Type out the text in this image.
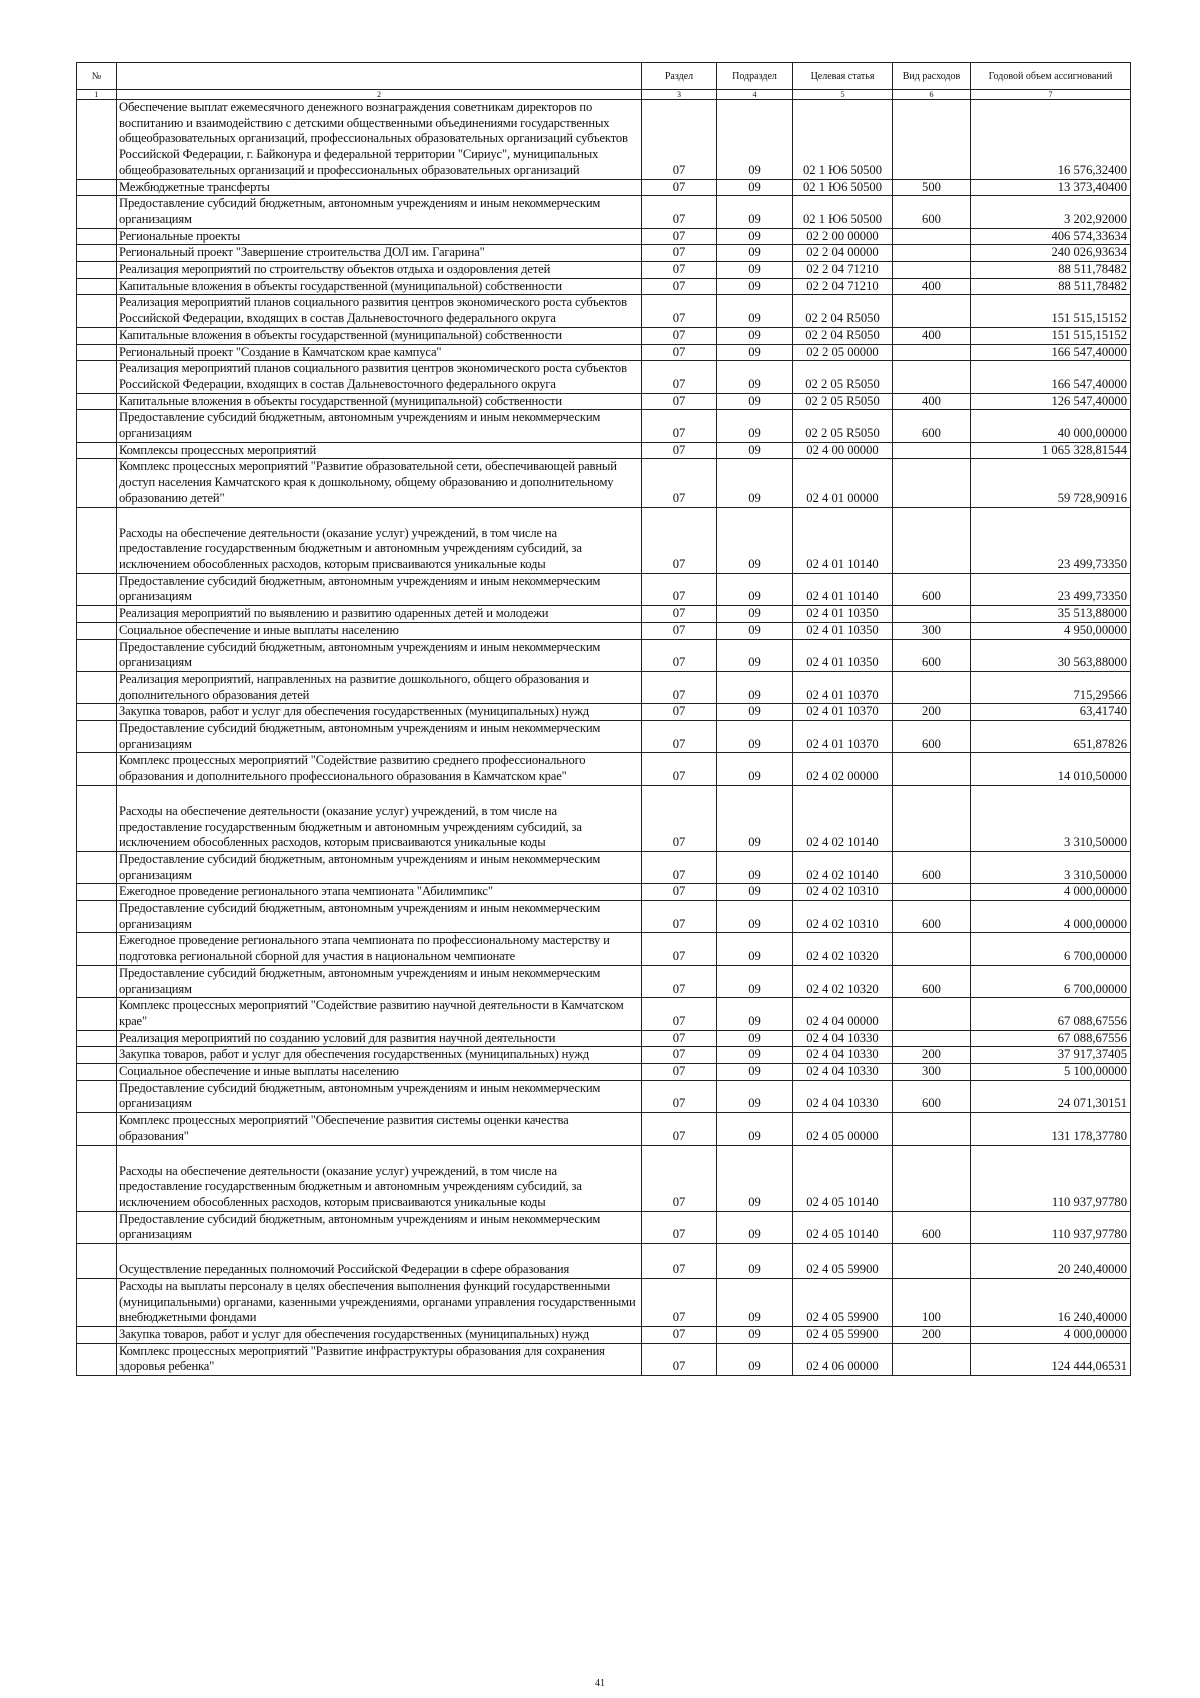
№		Раздел	Подраздел	Целевая статья	Вид расходов	Годовой объем ассигнований
1	2	3	4	5	6	7
	Обеспечение выплат ежемесячного денежного вознаграждения советникам директоров по воспитанию и взаимодействию с детскими общественными объединениями государственных общеобразовательных организаций, профессиональных образовательных организаций субъектов Российской Федерации, г. Байконура и федеральной территории "Сириус", муниципальных общеобразовательных организаций и профессиональных образовательных организаций	07	09	02 1 Ю6 50500		16 576,32400
	Межбюджетные трансферты	07	09	02 1 Ю6 50500	500	13 373,40400
	Предоставление субсидий бюджетным, автономным учреждениям и иным некоммерческим организациям	07	09	02 1 Ю6 50500	600	3 202,92000
	Региональные проекты	07	09	02 2 00 00000		406 574,33634
	Региональный проект "Завершение строительства ДОЛ им. Гагарина"	07	09	02 2 04 00000		240 026,93634
	Реализация мероприятий по строительству объектов отдыха и оздоровления детей	07	09	02 2 04 71210		88 511,78482
	Капитальные вложения в объекты государственной (муниципальной) собственности	07	09	02 2 04 71210	400	88 511,78482
	Реализация мероприятий планов социального развития центров экономического роста субъектов Российской Федерации, входящих в состав Дальневосточного федерального округа	07	09	02 2 04 R5050		151 515,15152
	Капитальные вложения в объекты государственной (муниципальной) собственности	07	09	02 2 04 R5050	400	151 515,15152
	Региональный проект "Создание в Камчатском крае кампуса"	07	09	02 2 05 00000		166 547,40000
	Реализация мероприятий планов социального развития центров экономического роста субъектов Российской Федерации, входящих в состав Дальневосточного федерального округа	07	09	02 2 05 R5050		166 547,40000
	Капитальные вложения в объекты государственной (муниципальной) собственности	07	09	02 2 05 R5050	400	126 547,40000
	Предоставление субсидий бюджетным, автономным учреждениям и иным некоммерческим организациям	07	09	02 2 05 R5050	600	40 000,00000
	Комплексы процессных мероприятий	07	09	02 4 00 00000		1 065 328,81544
	Комплекс процессных мероприятий "Развитие образовательной сети, обеспечивающей равный доступ населения Камчатского края к дошкольному, общему образованию и дополнительному образованию детей"	07	09	02 4 01 00000		59 728,90916
	Расходы на обеспечение деятельности (оказание услуг) учреждений, в том числе на предоставление государственным бюджетным и автономным учреждениям субсидий, за исключением обособленных расходов, которым присваиваются уникальные коды	07	09	02 4 01 10140		23 499,73350
	Предоставление субсидий бюджетным, автономным учреждениям и иным некоммерческим организациям	07	09	02 4 01 10140	600	23 499,73350
	Реализация мероприятий по выявлению и развитию одаренных детей и молодежи	07	09	02 4 01 10350		35 513,88000
	Социальное обеспечение и иные выплаты населению	07	09	02 4 01 10350	300	4 950,00000
	Предоставление субсидий бюджетным, автономным учреждениям и иным некоммерческим организациям	07	09	02 4 01 10350	600	30 563,88000
	Реализация мероприятий, направленных на развитие дошкольного, общего образования и дополнительного образования детей	07	09	02 4 01 10370		715,29566
	Закупка товаров, работ и услуг для обеспечения государственных (муниципальных) нужд	07	09	02 4 01 10370	200	63,41740
	Предоставление субсидий бюджетным, автономным учреждениям и иным некоммерческим организациям	07	09	02 4 01 10370	600	651,87826
	Комплекс процессных мероприятий "Содействие развитию среднего профессионального образования и дополнительного профессионального образования в Камчатском крае"	07	09	02 4 02 00000		14 010,50000
	Расходы на обеспечение деятельности (оказание услуг) учреждений, в том числе на предоставление государственным бюджетным и автономным учреждениям субсидий, за исключением обособленных расходов, которым присваиваются уникальные коды	07	09	02 4 02 10140		3 310,50000
	Предоставление субсидий бюджетным, автономным учреждениям и иным некоммерческим организациям	07	09	02 4 02 10140	600	3 310,50000
	Ежегодное проведение регионального этапа чемпионата "Абилимпикс"	07	09	02 4 02 10310		4 000,00000
	Предоставление субсидий бюджетным, автономным учреждениям и иным некоммерческим организациям	07	09	02 4 02 10310	600	4 000,00000
	Ежегодное проведение регионального этапа чемпионата по профессиональному мастерству и подготовка региональной сборной для участия в национальном чемпионате	07	09	02 4 02 10320		6 700,00000
	Предоставление субсидий бюджетным, автономным учреждениям и иным некоммерческим организациям	07	09	02 4 02 10320	600	6 700,00000
	Комплекс процессных мероприятий "Содействие развитию научной деятельности в Камчатском крае"	07	09	02 4 04 00000		67 088,67556
	Реализация мероприятий по созданию условий для развития научной деятельности	07	09	02 4 04 10330		67 088,67556
	Закупка товаров, работ и услуг для обеспечения государственных (муниципальных) нужд	07	09	02 4 04 10330	200	37 917,37405
	Социальное обеспечение и иные выплаты населению	07	09	02 4 04 10330	300	5 100,00000
	Предоставление субсидий бюджетным, автономным учреждениям и иным некоммерческим организациям	07	09	02 4 04 10330	600	24 071,30151
	Комплекс процессных мероприятий "Обеспечение развития системы оценки качества образования"	07	09	02 4 05 00000		131 178,37780
	Расходы на обеспечение деятельности (оказание услуг) учреждений, в том числе на предоставление государственным бюджетным и автономным учреждениям субсидий, за исключением обособленных расходов, которым присваиваются уникальные коды	07	09	02 4 05 10140		110 937,97780
	Предоставление субсидий бюджетным, автономным учреждениям и иным некоммерческим организациям	07	09	02 4 05 10140	600	110 937,97780
	Осуществление переданных полномочий Российской Федерации в сфере образования	07	09	02 4 05 59900		20 240,40000
	Расходы на выплаты персоналу в целях обеспечения выполнения функций государственными (муниципальными) органами, казенными учреждениями, органами управления государственными внебюджетными фондами	07	09	02 4 05 59900	100	16 240,40000
	Закупка товаров, работ и услуг для обеспечения государственных (муниципальных) нужд	07	09	02 4 05 59900	200	4 000,00000
	Комплекс процессных мероприятий "Развитие инфраструктуры образования для сохранения здоровья ребенка"	07	09	02 4 06 00000		124 444,06531
41
